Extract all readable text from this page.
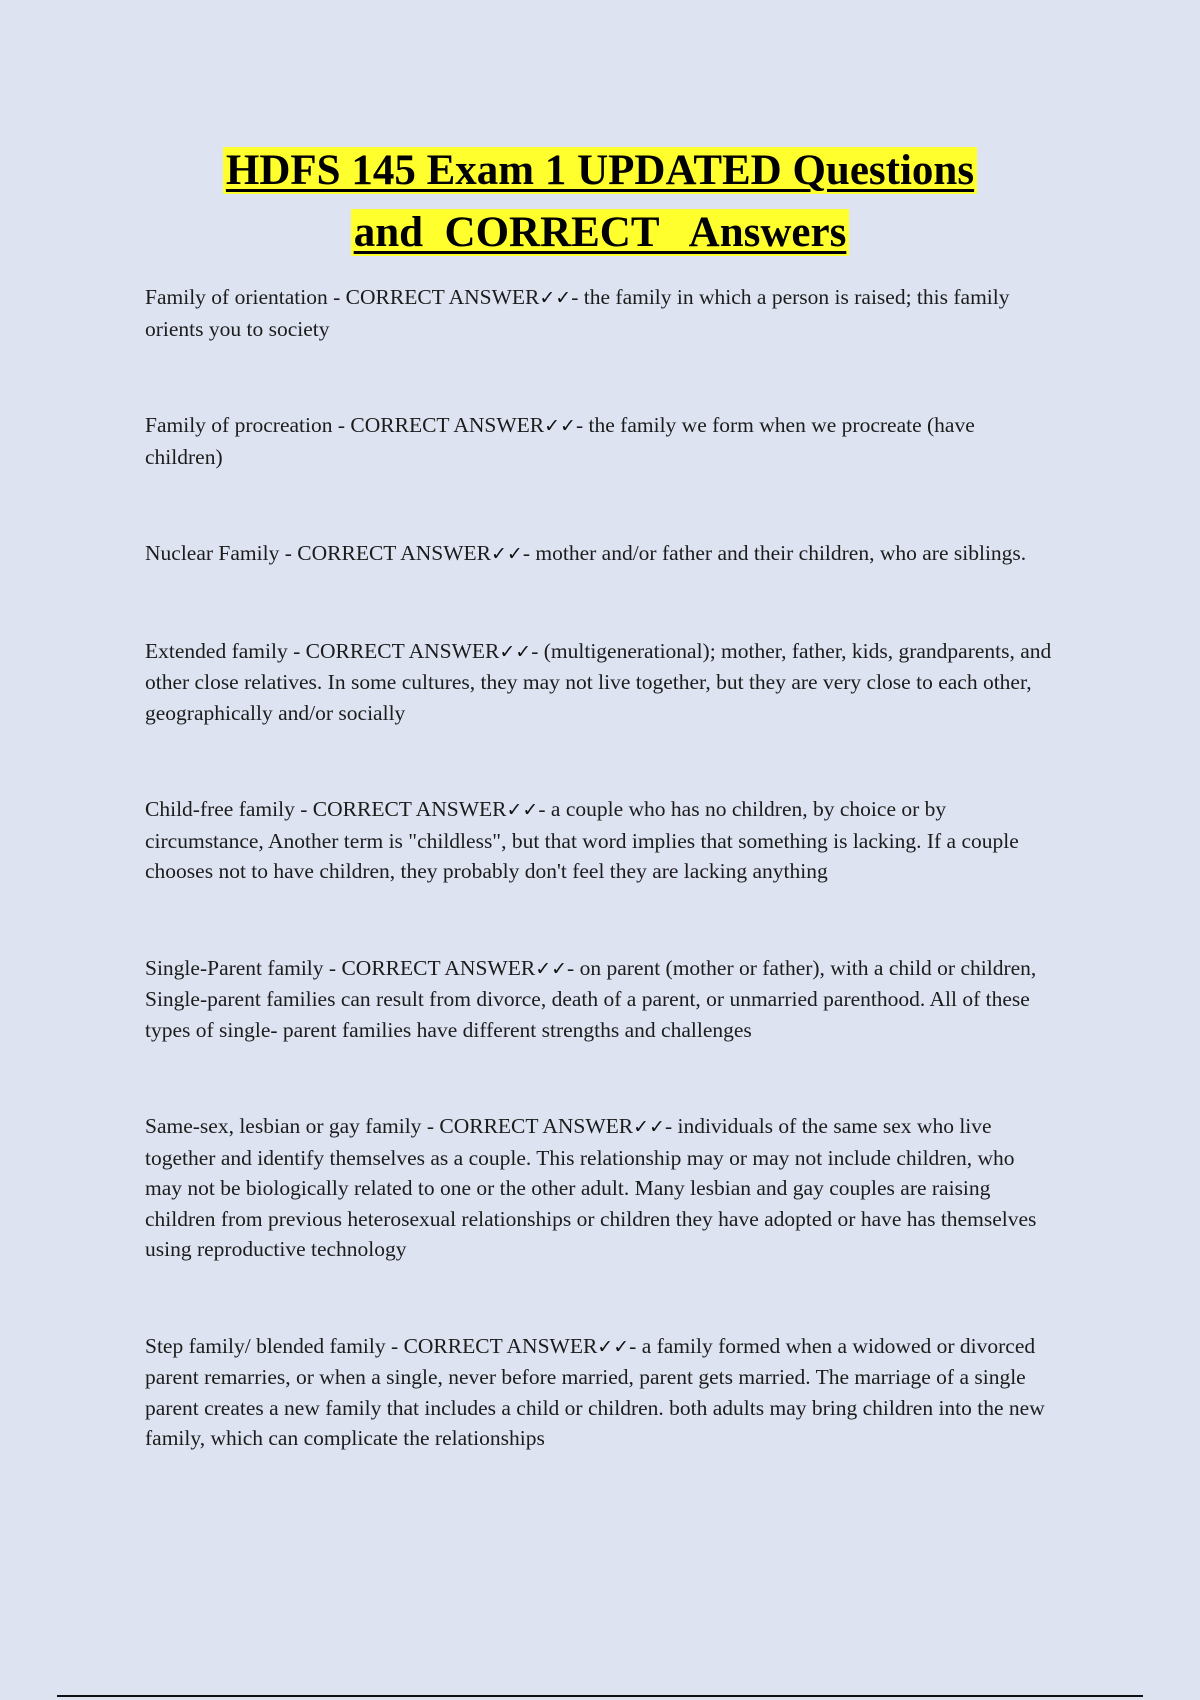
HDFS 145 Exam 1 UPDATED Questions
and  CORRECT   Answers

Family of orientation - CORRECT ANSWER✓✓- the family in which a person is raised; this family orients you to society

Family of procreation - CORRECT ANSWER✓✓- the family we form when we procreate (have children)

Nuclear Family - CORRECT ANSWER✓✓- mother and/or father and their children, who are siblings.

Extended family - CORRECT ANSWER✓✓- (multigenerational); mother, father, kids, grandparents, and other close relatives. In some cultures, they may not live together, but they are very close to each other, geographically and/or socially

Child-free family - CORRECT ANSWER✓✓- a couple who has no children, by choice or by circumstance, Another term is "childless", but that word implies that something is lacking. If a couple chooses not to have children, they probably don't feel they are lacking anything

Single-Parent family - CORRECT ANSWER✓✓- on parent (mother or father), with a child or children, Single-parent families can result from divorce, death of a parent, or unmarried parenthood. All of these types of single- parent families have different strengths and challenges

Same-sex, lesbian or gay family - CORRECT ANSWER✓✓- individuals of the same sex who live together and identify themselves as a couple. This relationship may or may not include children, who may not be biologically related to one or the other adult. Many lesbian and gay couples are raising children from previous heterosexual relationships or children they have adopted or have has themselves using reproductive technology

Step family/ blended family - CORRECT ANSWER✓✓- a family formed when a widowed or divorced parent remarries, or when a single, never before married, parent gets married. The marriage of a single parent creates a new family that includes a child or children. both adults may bring children into the new family, which can complicate the relationships
